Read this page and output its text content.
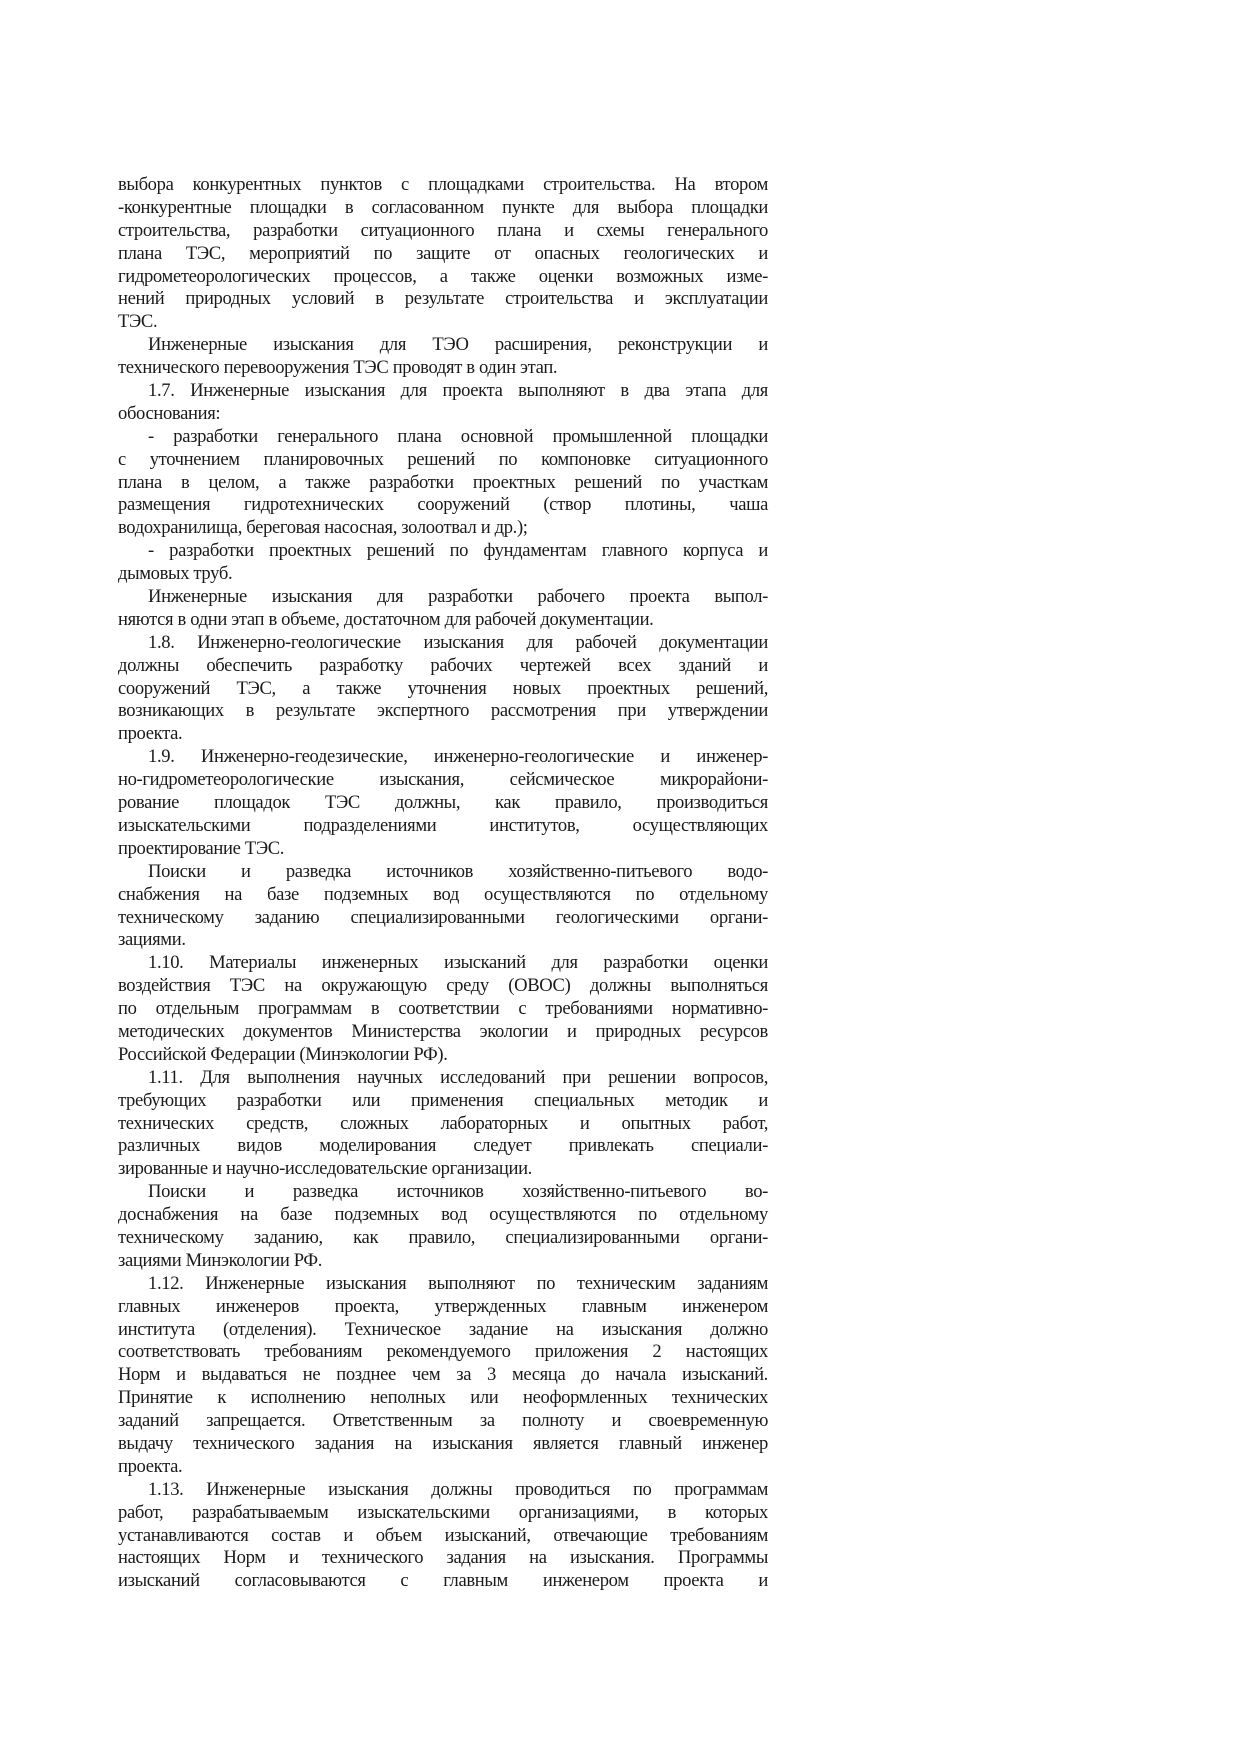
выбора конкурентных пунктов с площадками строительства. На втором
-конкурентные площадки в согласованном пункте для выбора площадки
строительства, разработки ситуационного плана и схемы генерального
плана ТЭС, мероприятий по защите от опасных геологических и
гидрометеорологических процессов, а также оценки возможных изме-
нений природных условий в результате строительства и эксплуатации
ТЭС.
Инженерные изыскания для ТЭО расширения, реконструкции и
технического перевооружения ТЭС проводят в один этап.
1.7. Инженерные изыскания для проекта выполняют в два этапа для
обоснования:
- разработки генерального плана основной промышленной площадки
с уточнением планировочных решений по компоновке ситуационного
плана в целом, а также разработки проектных решений по участкам
размещения гидротехнических сооружений (створ плотины, чаша
водохранилища, береговая насосная, золоотвал и др.);
- разработки проектных решений по фундаментам главного корпуса и
дымовых труб.
Инженерные изыскания для разработки рабочего проекта выпол-
няются в одни этап в объеме, достаточном для рабочей документации.
1.8. Инженерно-геологические изыскания для рабочей документации
должны обеспечить разработку рабочих чертежей всех зданий и
сооружений ТЭС, а также уточнения новых проектных решений,
возникающих в результате экспертного рассмотрения при утверждении
проекта.
1.9. Инженерно-геодезические, инженерно-геологические и инженер-
но-гидрометеорологические изыскания, сейсмическое микрорайони-
рование площадок ТЭС должны, как правило, производиться
изыскательскими подразделениями институтов, осуществляющих
проектирование ТЭС.
Поиски и разведка источников хозяйственно-питьевого водо-
снабжения на базе подземных вод осуществляются по отдельному
техническому заданию специализированными геологическими органи-
зациями.
1.10. Материалы инженерных изысканий для разработки оценки
воздействия ТЭС на окружающую среду (ОВОС) должны выполняться
по отдельным программам в соответствии с требованиями нормативно-
методических документов Министерства экологии и природных ресурсов
Российской Федерации (Минэкологии РФ).
1.11. Для выполнения научных исследований при решении вопросов,
требующих разработки или применения специальных методик и
технических средств, сложных лабораторных и опытных работ,
различных видов моделирования следует привлекать специали-
зированные и научно-исследовательские организации.
Поиски и разведка источников хозяйственно-питьевого во-
доснабжения на базе подземных вод осуществляются по отдельному
техническому заданию, как правило, специализированными органи-
зациями Минэкологии РФ.
1.12. Инженерные изыскания выполняют по техническим заданиям
главных инженеров проекта, утвержденных главным инженером
института (отделения). Техническое задание на изыскания должно
соответствовать требованиям рекомендуемого приложения 2 настоящих
Норм и выдаваться не позднее чем за 3 месяца до начала изысканий.
Принятие к исполнению неполных или неоформленных технических
заданий запрещается. Ответственным за полноту и своевременную
выдачу технического задания на изыскания является главный инженер
проекта.
1.13. Инженерные изыскания должны проводиться по программам
работ, разрабатываемым изыскательскими организациями, в которых
устанавливаются состав и объем изысканий, отвечающие требованиям
настоящих Норм и технического задания на изыскания. Программы
изысканий согласовываются с главным инженером проекта и
